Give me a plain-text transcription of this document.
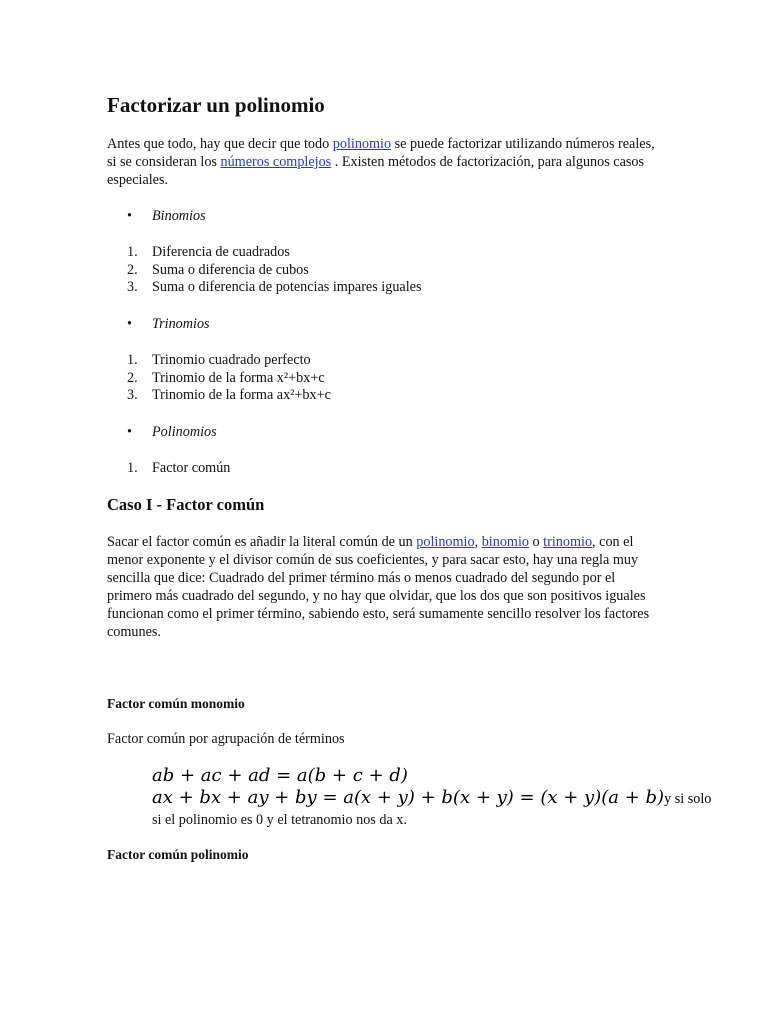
Factorizar un polinomio

Antes que todo, hay que decir que todo polinomio se puede factorizar utilizando números reales, si se consideran los números complejos . Existen métodos de factorización, para algunos casos especiales.

• Binomios
1. Diferencia de cuadrados
2. Suma o diferencia de cubos
3. Suma o diferencia de potencias impares iguales
• Trinomios
1. Trinomio cuadrado perfecto
2. Trinomio de la forma x²+bx+c
3. Trinomio de la forma ax²+bx+c
• Polinomios
1. Factor común
Caso I - Factor común

Sacar el factor común es añadir la literal común de un polinomio, binomio o trinomio, con el menor exponente y el divisor común de sus coeficientes, y para sacar esto, hay una regla muy sencilla que dice: Cuadrado del primer término más o menos cuadrado del segundo por el primero más cuadrado del segundo, y no hay que olvidar, que los dos que son positivos iguales funcionan como el primer término, sabiendo esto, será sumamente sencillo resolver los factores comunes.

Factor común monomio

Factor común por agrupación de términos

ab + ac + ad = a(b + c + d)
ax + bx + ay + by = a(x + y) + b(x + y) = (x + y)(a + b)y si solo

si el polinomio es 0 y el tetranomio nos da x.

Factor común polinomio
